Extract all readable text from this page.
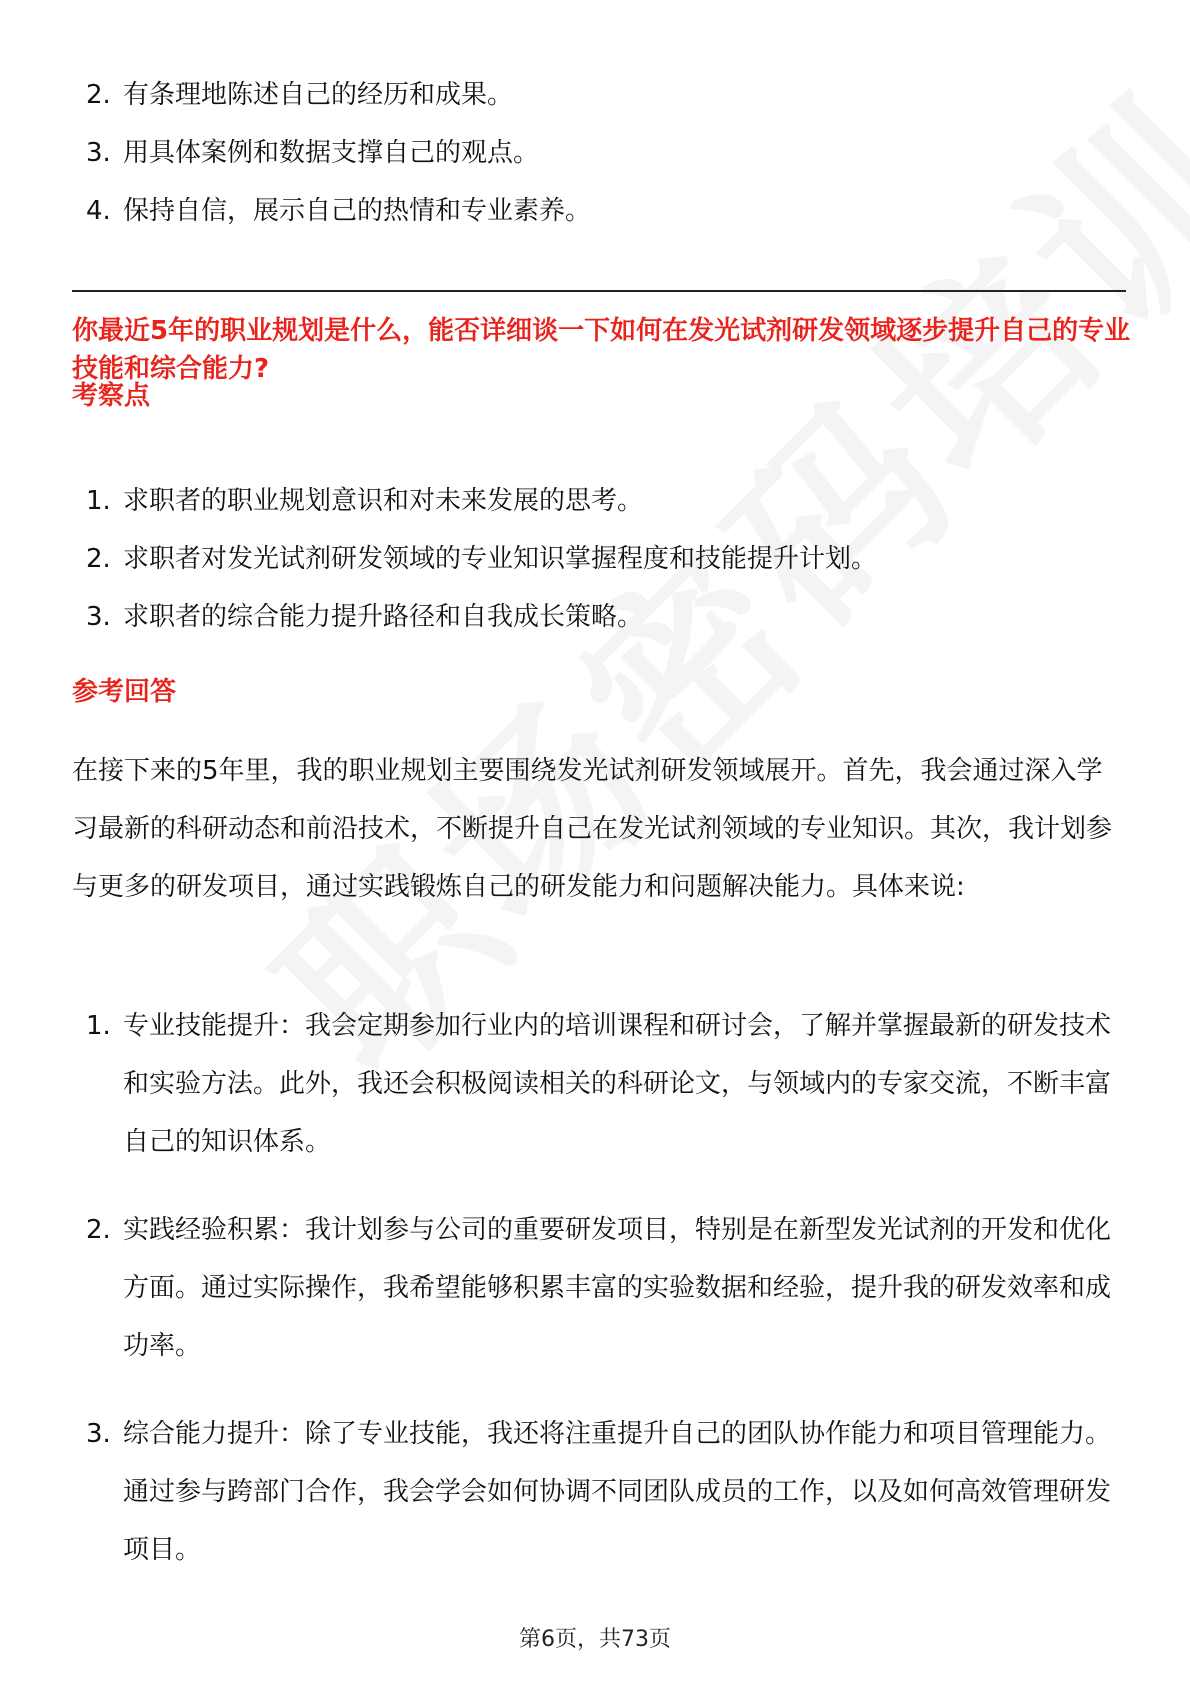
2. 有条理地陈述自己的经历和成果。
3. 用具体案例和数据支撑自己的观点。
4. 保持自信，展示自己的热情和专业素养。
你最近5年的职业规划是什么，能否详细谈一下如何在发光试剂研发领域逐步提升自己的专业技能和综合能力?
考察点
1. 求职者的职业规划意识和对未来发展的思考。
2. 求职者对发光试剂研发领域的专业知识掌握程度和技能提升计划。
3. 求职者的综合能力提升路径和自我成长策略。
参考回答
在接下来的5年里，我的职业规划主要围绕发光试剂研发领域展开。首先，我会通过深入学习最新的科研动态和前沿技术，不断提升自己在发光试剂领域的专业知识。其次，我计划参与更多的研发项目，通过实践锻炼自己的研发能力和问题解决能力。具体来说:
1. 专业技能提升：我会定期参加行业内的培训课程和研讨会，了解并掌握最新的研发技术和实验方法。此外，我还会积极阅读相关的科研论文，与领域内的专家交流，不断丰富自己的知识体系。
2. 实践经验积累：我计划参与公司的重要研发项目，特别是在新型发光试剂的开发和优化方面。通过实际操作，我希望能够积累丰富的实验数据和经验，提升我的研发效率和成功率。
3. 综合能力提升：除了专业技能，我还将注重提升自己的团队协作能力和项目管理能力。通过参与跨部门合作，我会学会如何协调不同团队成员的工作，以及如何高效管理研发项目。
第6页，共73页
